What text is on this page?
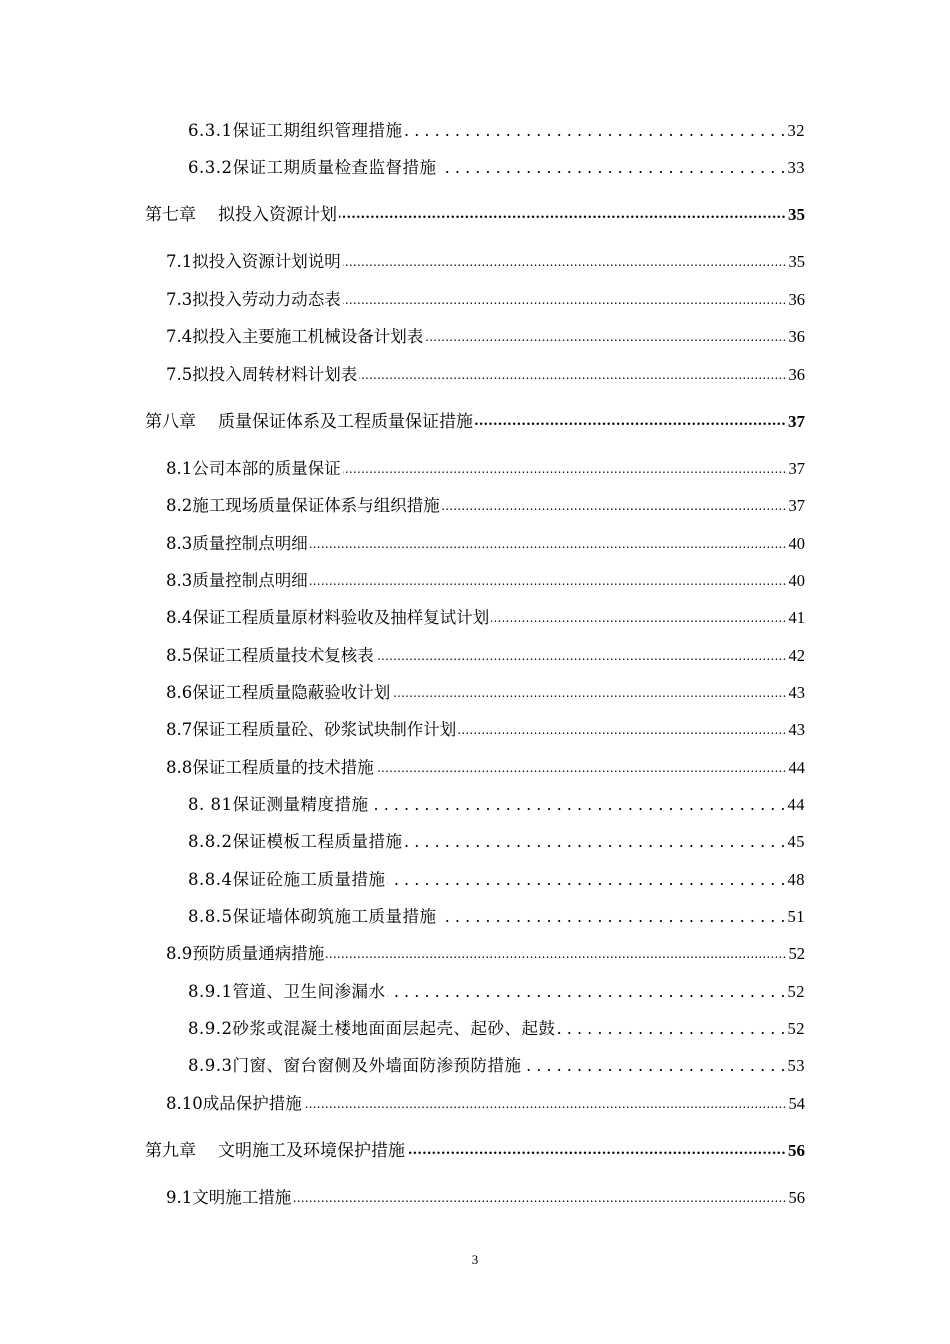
6.3.1保证工期组织管理措施 . . .	32
6.3.2保证工期质量检查监督措施 . . .	33
第七章 拟投入资源计划 .....	35
7.1拟投入资源计划说明 .....	35
7.3拟投入劳动力动态表 .....	36
7.4拟投入主要施工机械设备计划表 .....	36
7.5拟投入周转材料计划表 .....	36
第八章 质量保证体系及工程质量保证措施 .....	37
8.1公司本部的质量保证 .....	37
8.2施工现场质量保证体系与组织措施 .....	37
8.3质量控制点明细 .....	40
8.3质量控制点明细 .....	40
8.4保证工程质量原材料验收及抽样复试计划 .....	41
8.5保证工程质量技术复核表 .....	42
8.6保证工程质量隐蔽验收计划 .....	43
8.7保证工程质量砼、砂浆试块制作计划 .....	43
8.8保证工程质量的技术措施 .....	44
8. 81保证测量精度措施 . . .	44
8.8.2保证模板工程质量措施 . . .	45
8.8.4保证砼施工质量措施 . . .	48
8.8.5保证墙体砌筑施工质量措施 . . .	51
8.9预防质量通病措施 .....	52
8.9.1管道、卫生间渗漏水 . . .	52
8.9.2砂浆或混凝土楼地面面层起壳、起砂、起鼓 . . .	52
8.9.3门窗、窗台窗侧及外墙面防渗预防措施 . . .	53
8.10成品保护措施 .....	54
第九章 文明施工及环境保护措施 .....	56
9.1文明施工措施 .....	56
3
